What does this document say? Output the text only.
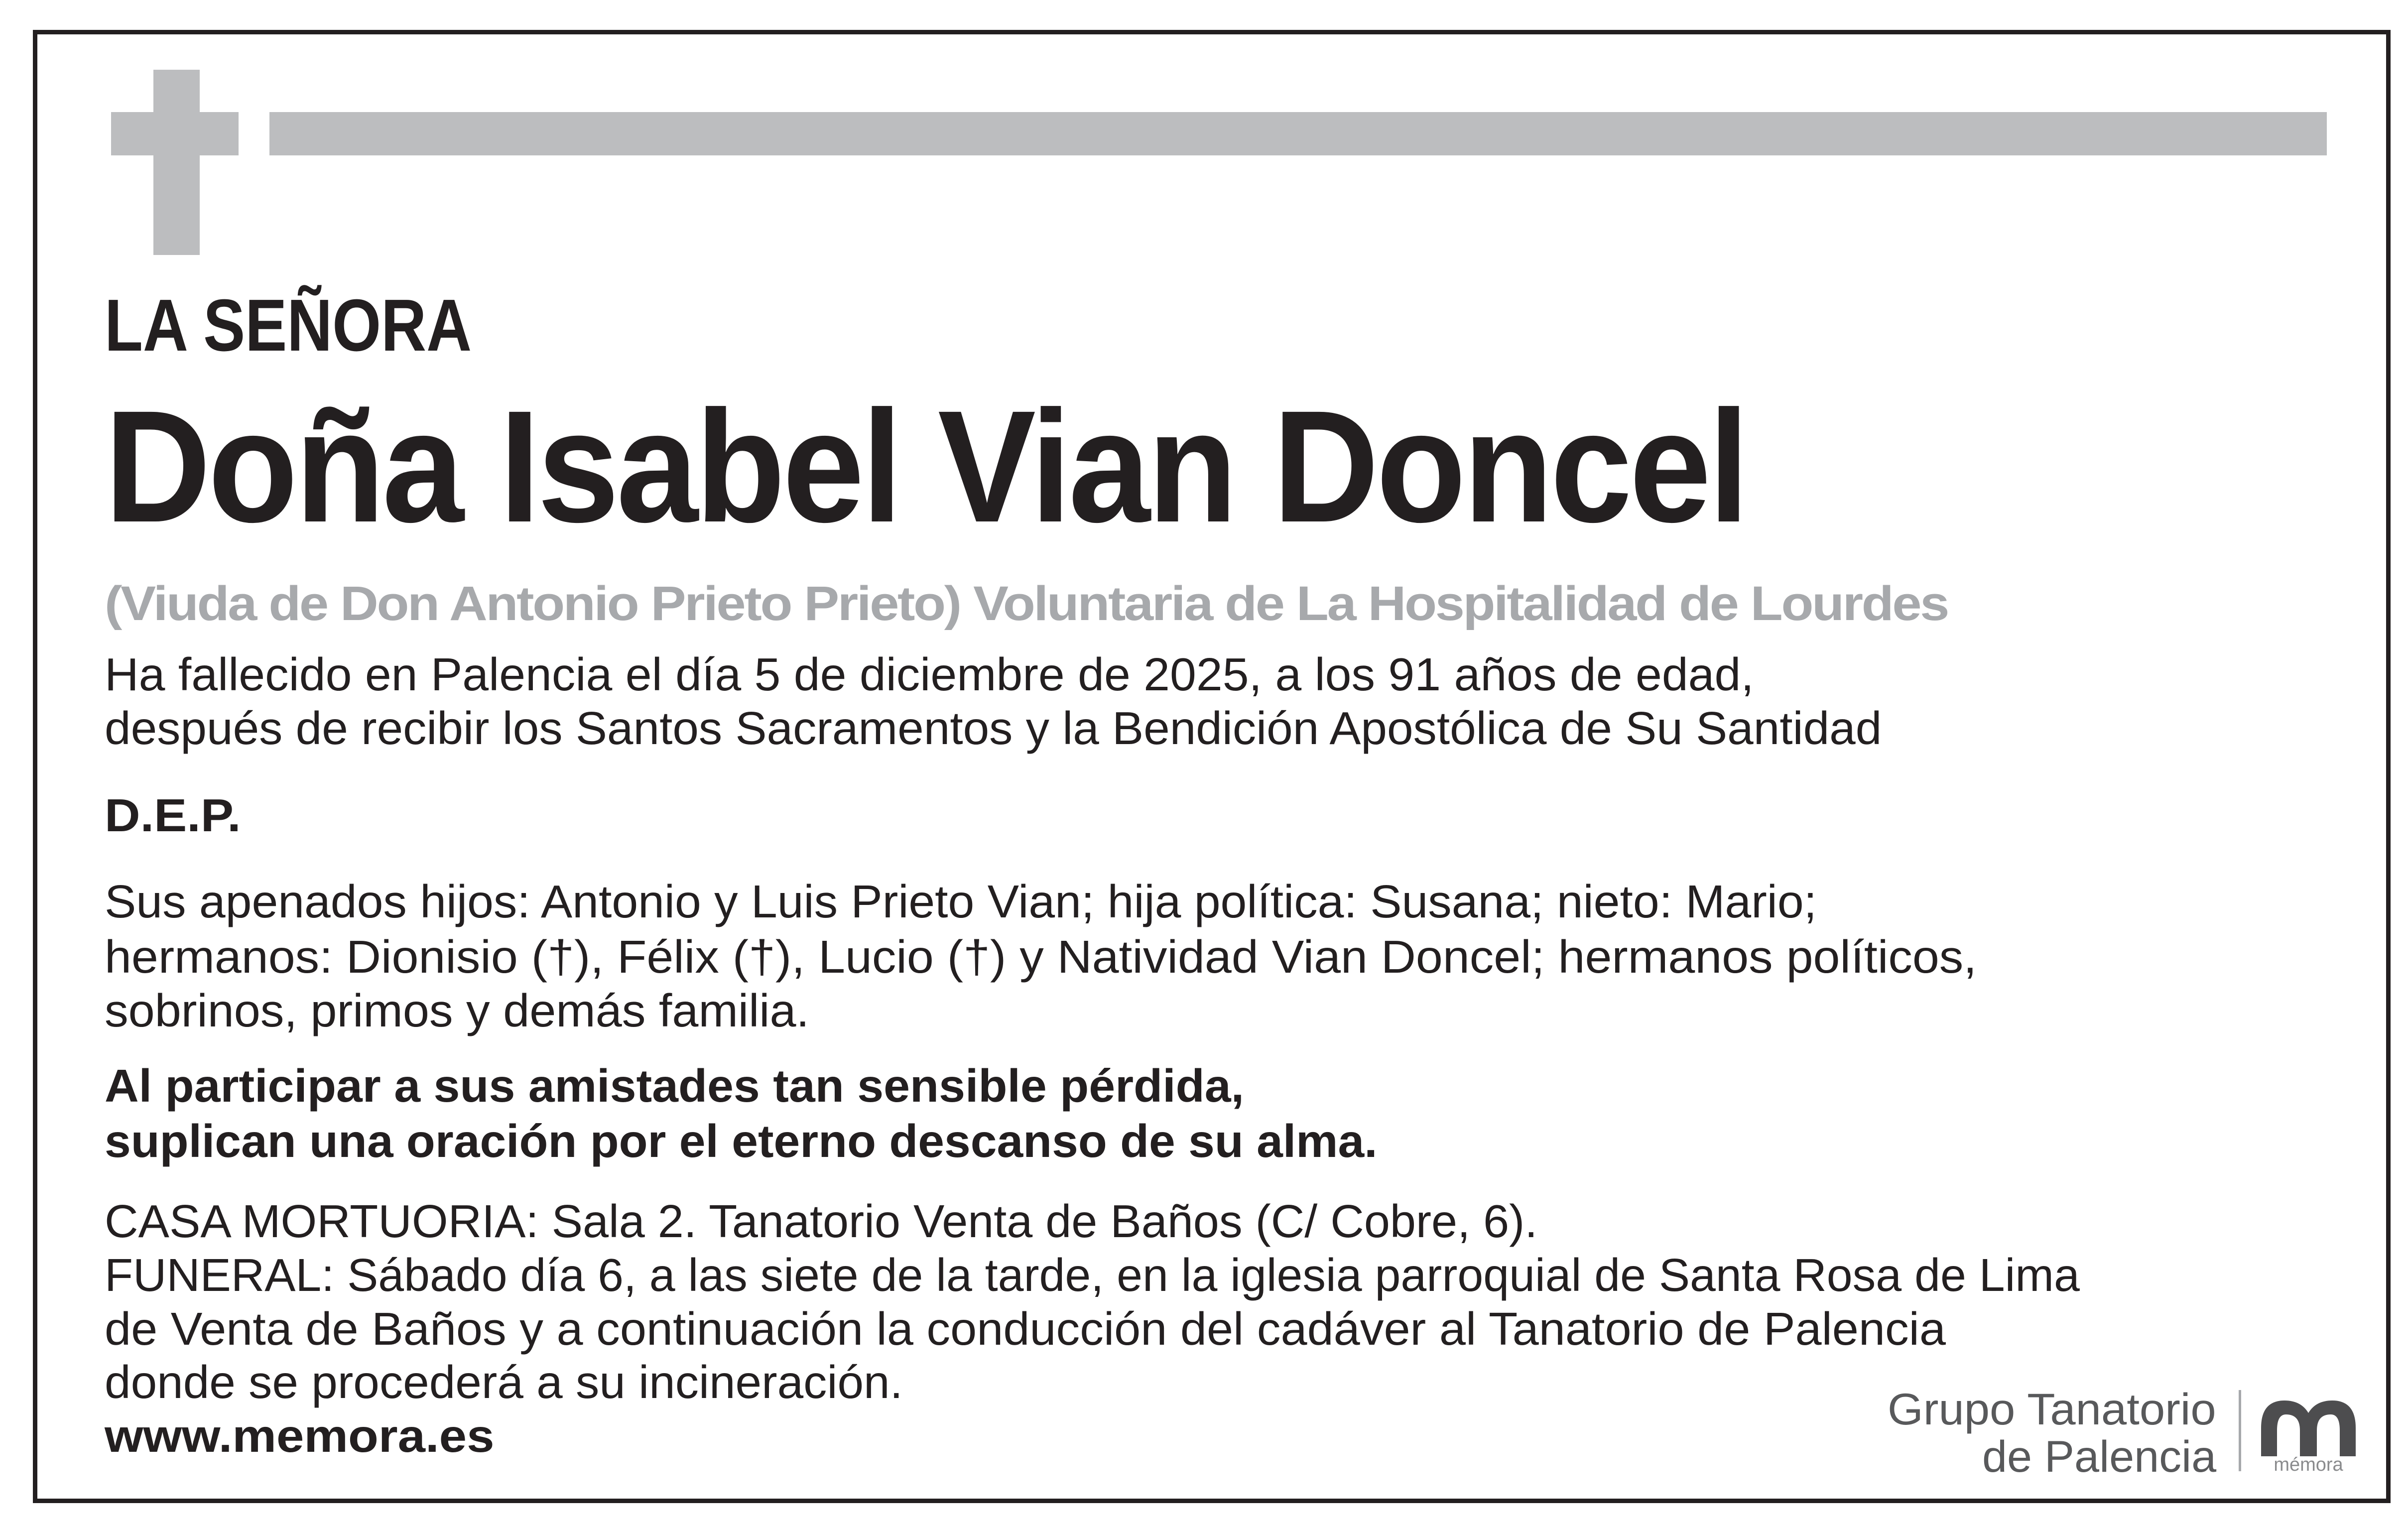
LA SEÑORA
Doña Isabel Vian Doncel
(Viuda de Don Antonio Prieto Prieto) Voluntaria de La Hospitalidad de Lourdes
Ha fallecido en Palencia el día 5 de diciembre de 2025, a los 91 años de edad,
después de recibir los Santos Sacramentos y la Bendición Apostólica de Su Santidad
D.E.P.
Sus apenados hijos: Antonio y Luis Prieto Vian; hija política: Susana; nieto: Mario;
hermanos: Dionisio (†), Félix (†), Lucio (†) y Natividad Vian Doncel; hermanos políticos,
sobrinos, primos y demás familia.
Al participar a sus amistades tan sensible pérdida,
suplican una oración por el eterno descanso de su alma.
CASA MORTUORIA: Sala 2. Tanatorio Venta de Baños (C/ Cobre, 6).
FUNERAL: Sábado día 6, a las siete de la tarde, en la iglesia parroquial de Santa Rosa de Lima
de Venta de Baños y a continuación la conducción del cadáver al Tanatorio de Palencia
donde se procederá a su incineración.
www.memora.es
Grupo Tanatorio
de Palencia	mémora
